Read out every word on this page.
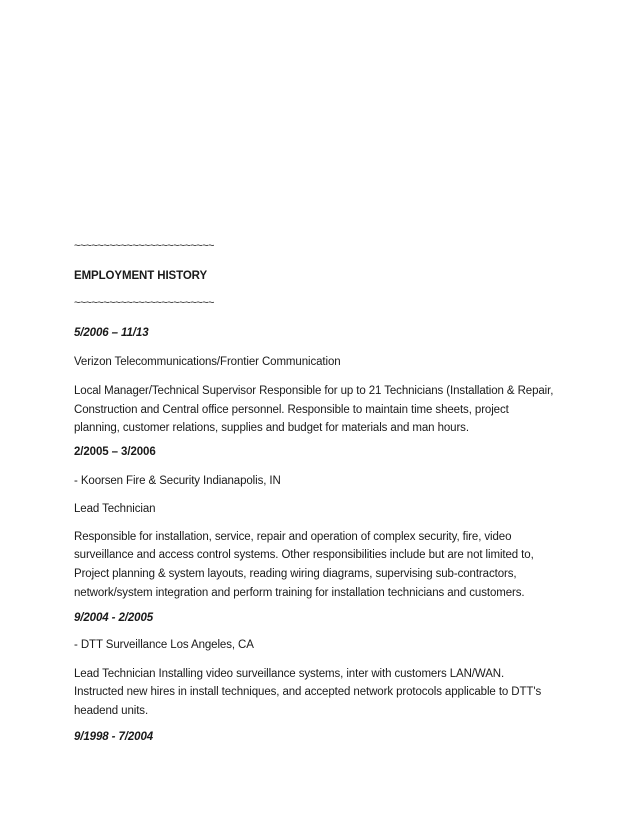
~~~~~~~~~~~~~~~~~~~~~~~~
EMPLOYMENT HISTORY
~~~~~~~~~~~~~~~~~~~~~~~~
5/2006 – 11/13
Verizon Telecommunications/Frontier Communication
Local Manager/Technical Supervisor Responsible for up to 21 Technicians (Installation & Repair,
Construction and Central office personnel. Responsible to maintain time sheets, project
planning, customer relations, supplies and budget for materials and man hours.
2/2005 – 3/2006
- Koorsen Fire & Security Indianapolis, IN
Lead Technician
Responsible for installation, service, repair and operation of complex security, fire, video
surveillance and access control systems. Other responsibilities include but are not limited to,
Project planning & system layouts, reading wiring diagrams, supervising sub-contractors,
network/system integration and perform training for installation technicians and customers.
9/2004 - 2/2005
- DTT Surveillance Los Angeles, CA
Lead Technician Installing video surveillance systems, inter with customers LAN/WAN.
Instructed new hires in install techniques, and accepted network protocols applicable to DTT's
headend units.
9/1998 - 7/2004
